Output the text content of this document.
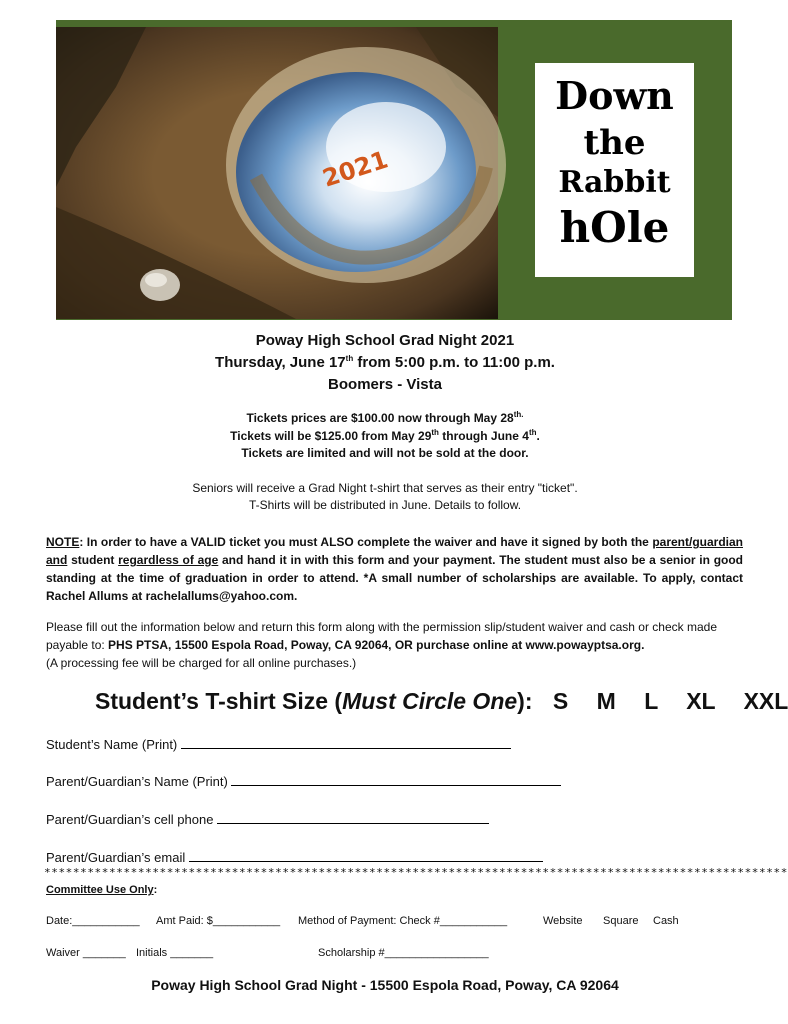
2021
Down
the
Rabbit
hOle
Poway High School Grad Night 2021
Thursday, June 17th from 5:00 p.m. to 11:00 p.m.
Boomers - Vista
Tickets prices are $100.00 now through May $28^{th.}$
Tickets will be $125.00 from May 29th through June 4th.
Tickets are limited and will not be sold at the door.
Seniors will receive a Grad Night t-shirt that serves as their entry "ticket".
T-Shirts will be distributed in June. Details to follow.
NOTE: In order to have a VALID ticket you must ALSO complete the waiver and have it signed by both the parent/guardian and student regardless of age and hand it in with this form and your payment. The student must also be a senior in good standing at the time of graduation in order to attend. *A small number of scholarships are available. To apply, contact Rachel Allums at rachelallums@yahoo.com.
Please fill out the information below and return this form along with the permission slip/student waiver and cash or check made payable to: PHS PTSA, 15500 Espola Road, Poway, CA 92064, OR purchase online at www.powayptsa.org.
(A processing fee will be charged for all online purchases.)
Student’s T-shirt Size (Must Circle One): S M L XL XXL
Student’s Name (Print)
Parent/Guardian’s Name (Print)
Parent/Guardian’s cell phone
Parent/Guardian’s email
*******************************************************************************************************
Committee Use Only:
Date:___________ Amt Paid: $___________ Method of Payment: Check #___________	Website Square Cash
Waiver _______ Initials _______	Scholarship #_________________
Poway High School Grad Night - 15500 Espola Road, Poway, CA 92064
